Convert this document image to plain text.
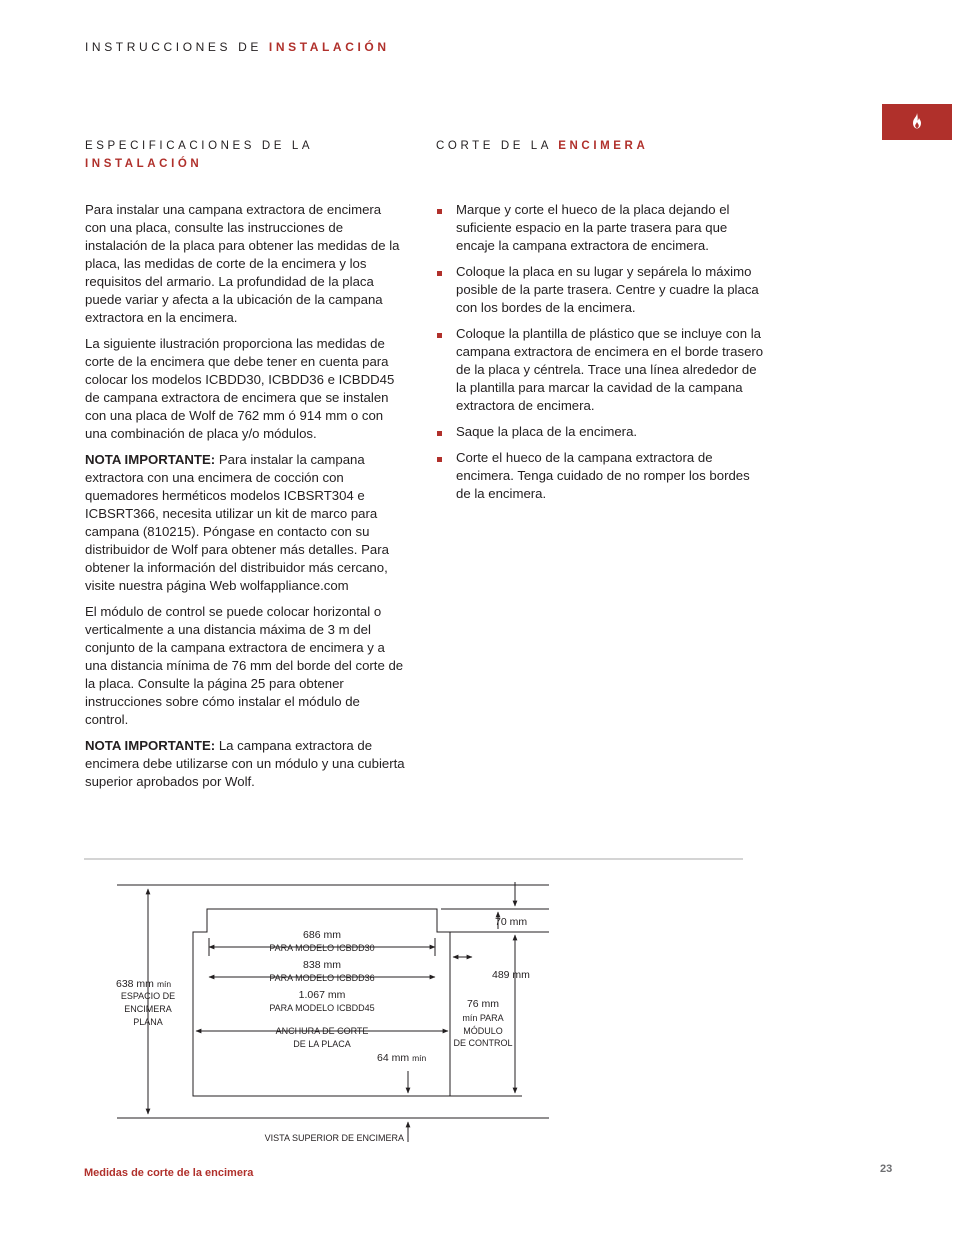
INSTRUCCIONES DE INSTALACIÓN
ESPECIFICACIONES DE LA
INSTALACIÓN
CORTE DE LA ENCIMERA

Para instalar una campana extractora de encimera con una placa, consulte las instrucciones de instalación de la placa para obtener las medidas de la placa, las medidas de corte de la encimera y los requisitos del armario. La profundidad de la placa puede variar y afecta a la ubicación de la campana extractora en la encimera.

La siguiente ilustración proporciona las medidas de corte de la encimera que debe tener en cuenta para colocar los modelos ICBDD30, ICBDD36 e ICBDD45 de campana extractora de encimera que se instalen con una placa de Wolf de 762 mm ó 914 mm o con una combinación de placa y/o módulos.

NOTA IMPORTANTE: Para instalar la campana extractora con una encimera de cocción con quemadores herméticos modelos ICBSRT304 e ICBSRT366, necesita utilizar un kit de marco para campana (810215). Póngase en contacto con su distribuidor de Wolf para obtener más detalles. Para obtener la información del distribuidor más cercano, visite nuestra página Web wolfappliance.com

El módulo de control se puede colocar horizontal o verticalmente a una distancia máxima de 3 m del conjunto de la campana extractora de encimera y a una distancia mínima de 76 mm del borde del corte de la placa. Consulte la página 25 para obtener instrucciones sobre cómo instalar el módulo de control.

NOTA IMPORTANTE: La campana extractora de encimera debe utilizarse con un módulo y una cubierta superior aprobados por Wolf.

Marque y corte el hueco de la placa dejando el suficiente espacio en la parte trasera para que encaje la campana extractora de encimera.
Coloque la placa en su lugar y sepárela lo máximo posible de la parte trasera. Centre y cuadre la placa con los bordes de la encimera.
Coloque la plantilla de plástico que se incluye con la campana extractora de encimera en el borde trasero de la placa y céntrela. Trace una línea alrededor de la plantilla para marcar la cavidad de la campana extractora de encimera.
Saque la placa de la encimera.
Corte el hueco de la campana extractora de encimera. Tenga cuidado de no romper los bordes de la encimera.
686 mm
PARA MODELO ICBDD30
838 mm
PARA MODELO ICBDD36
1.067 mm
PARA MODELO ICBDD45
ANCHURA DE CORTE
DE LA PLACA
638 mm mín
ESPACIO DE
ENCIMERA
PLANA
70 mm
489 mm
76 mm
mín PARA
MÓDULO
DE CONTROL
64 mm mín
VISTA SUPERIOR DE ENCIMERA
Medidas de corte de la encimera	23
